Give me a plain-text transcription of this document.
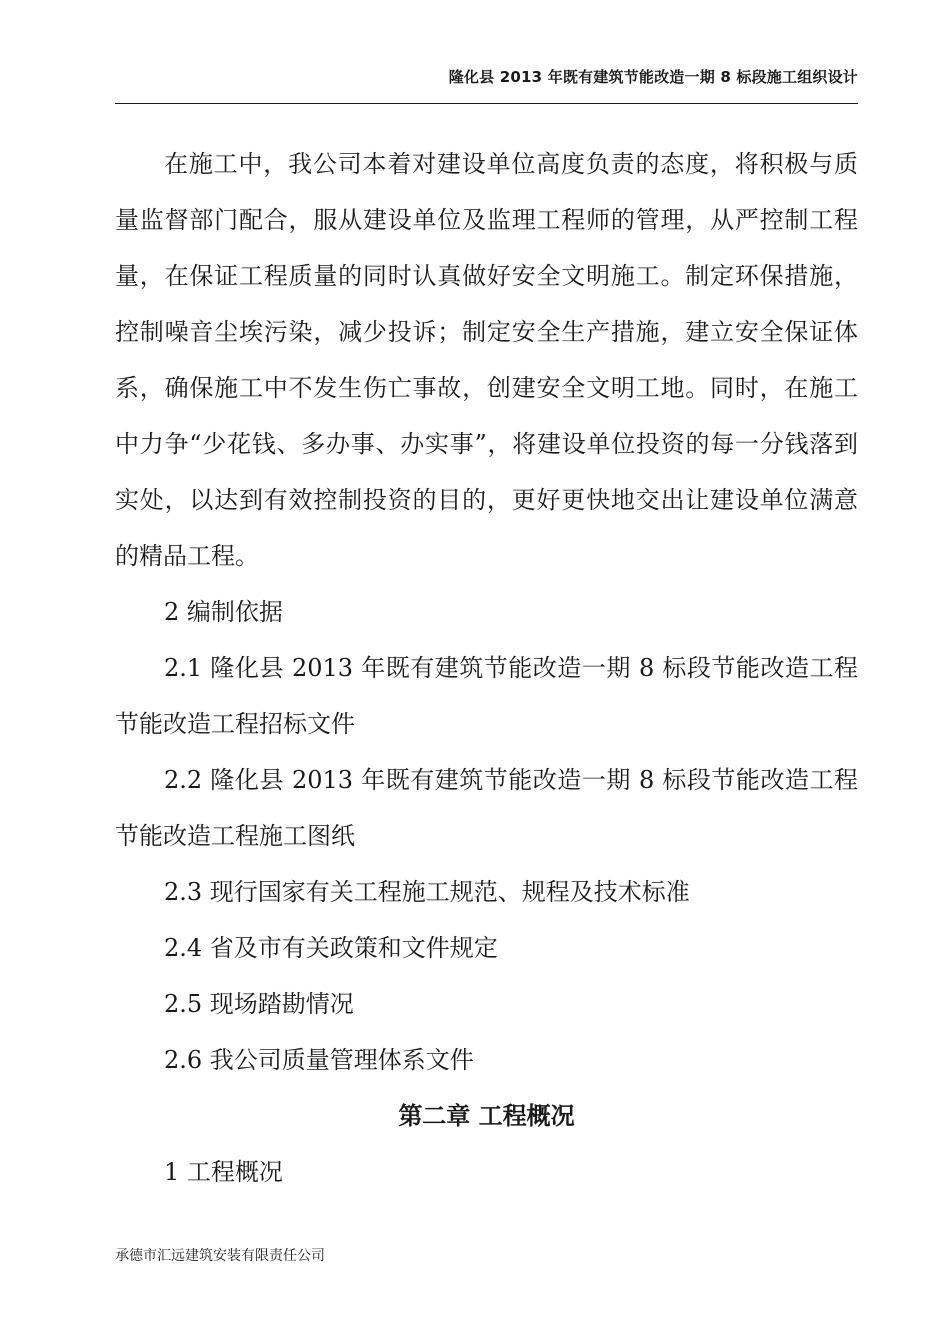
隆化县 2013 年既有建筑节能改造一期 8 标段施工组织设计

在施工中，我公司本着对建设单位高度负责的态度，将积极与质量监督部门配合，服从建设单位及监理工程师的管理，从严控制工程量，在保证工程质量的同时认真做好安全文明施工。制定环保措施，控制噪音尘埃污染，减少投诉；制定安全生产措施，建立安全保证体系，确保施工中不发生伤亡事故，创建安全文明工地。同时，在施工中力争“少花钱、多办事、办实事”，将建设单位投资的每一分钱落到实处，以达到有效控制投资的目的，更好更快地交出让建设单位满意的精品工程。

2 编制依据

2.1 隆化县 2013 年既有建筑节能改造一期 8 标段节能改造工程节能改造工程招标文件

2.2 隆化县 2013 年既有建筑节能改造一期 8 标段节能改造工程节能改造工程施工图纸

2.3 现行国家有关工程施工规范、规程及技术标准

2.4 省及市有关政策和文件规定

2.5 现场踏勘情况

2.6 我公司质量管理体系文件

第二章 工程概况

1 工程概况

承德市汇远建筑安装有限责任公司
